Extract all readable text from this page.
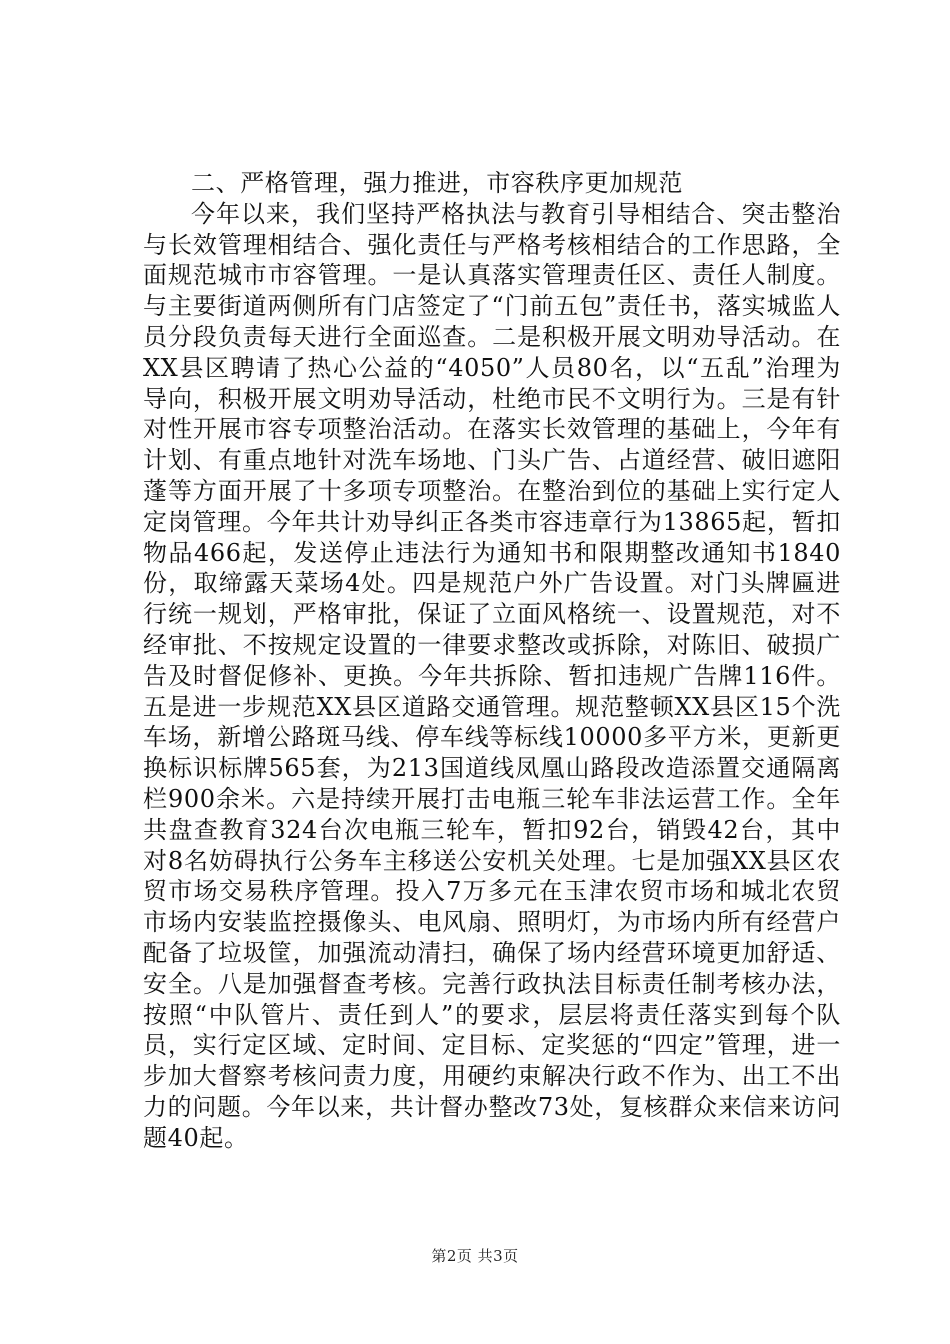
二、严格管理，强力推进，市容秩序更加规范

今年以来，我们坚持严格执法与教育引导相结合、突击整治与长效管理相结合、强化责任与严格考核相结合的工作思路，全面规范城市市容管理。一是认真落实管理责任区、责任人制度。与主要街道两侧所有门店签定了“门前五包”责任书，落实城监人员分段负责每天进行全面巡查。二是积极开展文明劝导活动。在XX县区聘请了热心公益的“4050”人员80名，以“五乱”治理为导向，积极开展文明劝导活动，杜绝市民不文明行为。三是有针对性开展市容专项整治活动。在落实长效管理的基础上，今年有计划、有重点地针对洗车场地、门头广告、占道经营、破旧遮阳蓬等方面开展了十多项专项整治。在整治到位的基础上实行定人定岗管理。今年共计劝导纠正各类市容违章行为13865起，暂扣物品466起，发送停止违法行为通知书和限期整改通知书1840份，取缔露天菜场4处。四是规范户外广告设置。对门头牌匾进行统一规划，严格审批，保证了立面风格统一、设置规范，对不经审批、不按规定设置的一律要求整改或拆除，对陈旧、破损广告及时督促修补、更换。今年共拆除、暂扣违规广告牌116件。五是进一步规范XX县区道路交通管理。规范整顿XX县区15个洗车场，新增公路斑马线、停车线等标线10000多平方米，更新更换标识标牌565套，为213国道线凤凰山路段改造添置交通隔离栏900余米。六是持续开展打击电瓶三轮车非法运营工作。全年共盘查教育324台次电瓶三轮车，暂扣92台，销毁42台，其中对8名妨碍执行公务车主移送公安机关处理。七是加强XX县区农贸市场交易秩序管理。投入7万多元在玉津农贸市场和城北农贸市场内安装监控摄像头、电风扇、照明灯，为市场内所有经营户配备了垃圾筐，加强流动清扫，确保了场内经营环境更加舒适、安全。八是加强督查考核。完善行政执法目标责任制考核办法，按照“中队管片、责任到人”的要求，层层将责任落实到每个队员，实行定区域、定时间、定目标、定奖惩的“四定”管理，进一步加大督察考核问责力度，用硬约束解决行政不作为、出工不出力的问题。今年以来，共计督办整改73处，复核群众来信来访问题40起。

第2页 共3页
